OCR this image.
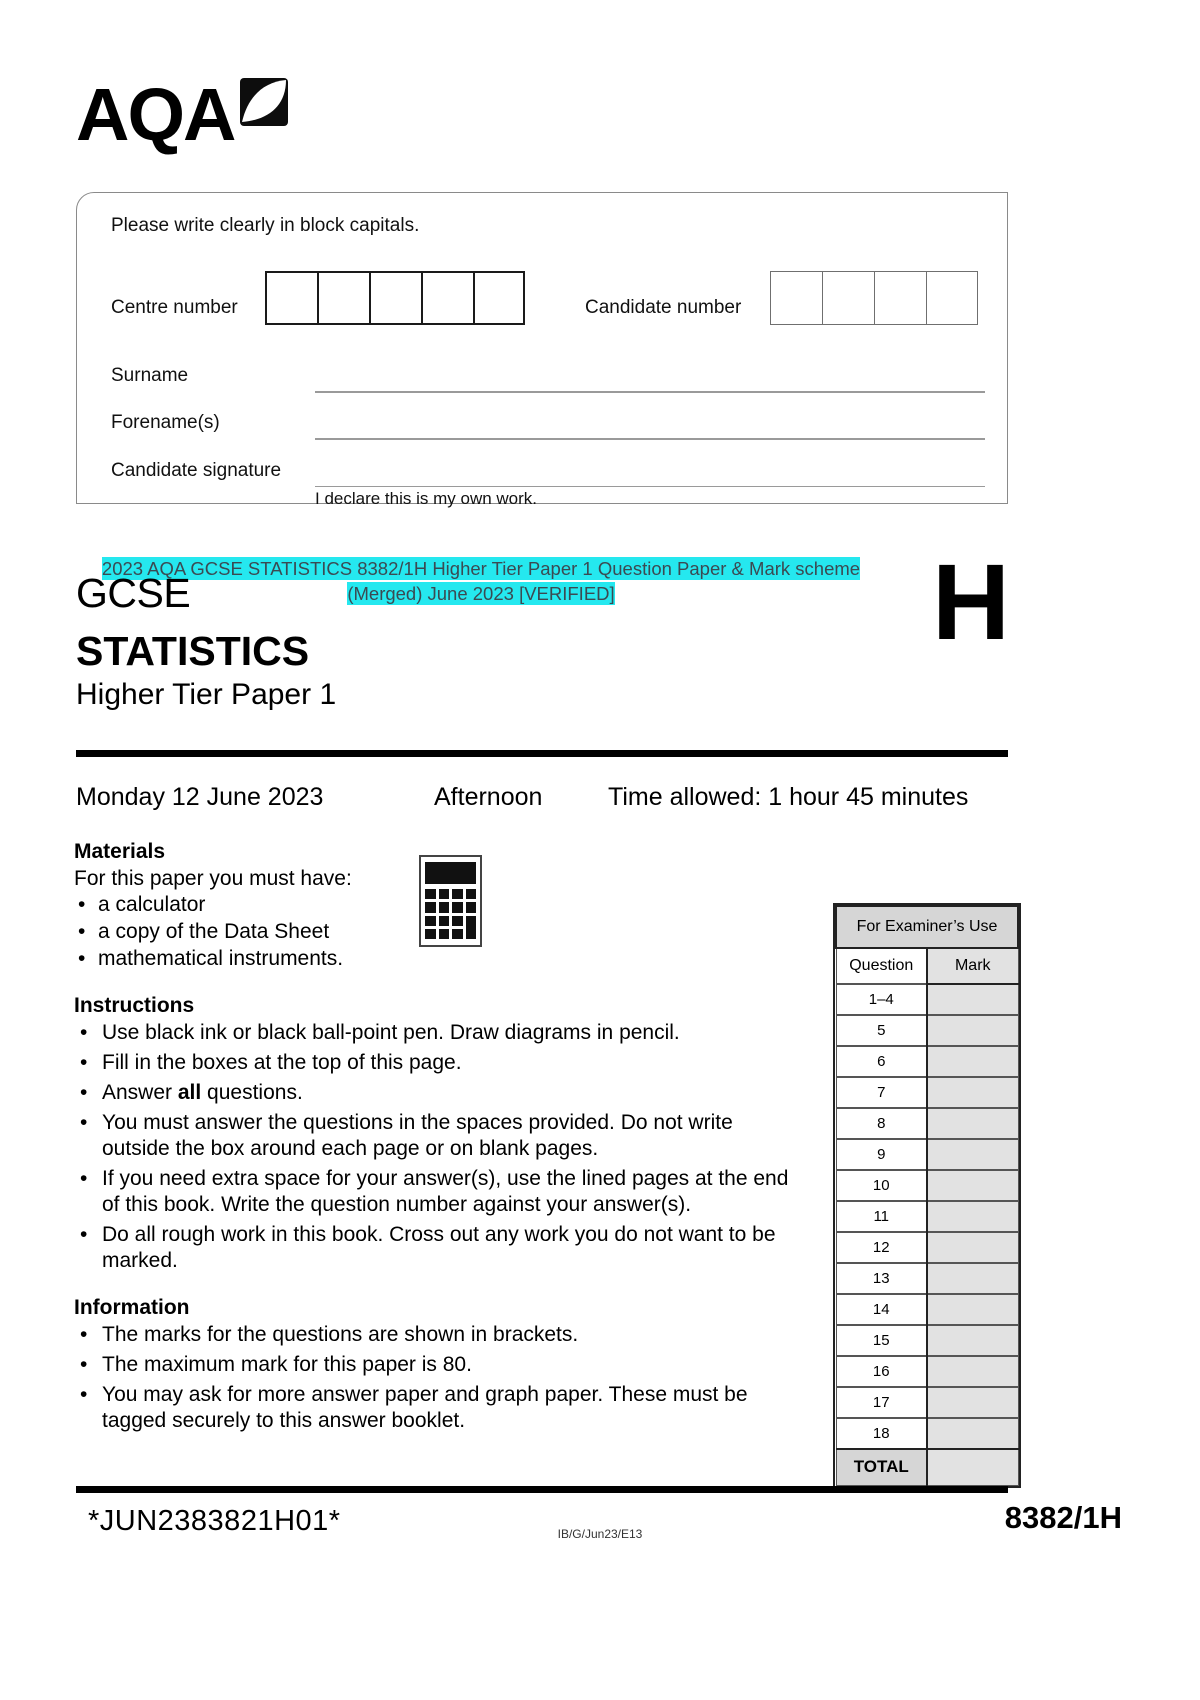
AQA
Please write clearly in block capitals.
Centre number	Candidate number
Surname
Forename(s)
Candidate signature
I declare this is my own work.
2023 AQA GCSE STATISTICS 8382/1H Higher Tier Paper 1 Question Paper & Mark scheme (Merged) June 2023 [VERIFIED]
GCSE
STATISTICS
Higher Tier Paper 1
H
Monday 12 June 2023	Afternoon	Time allowed: 1 hour 45 minutes
Materials

For this paper you must have:

• a calculator
• a copy of the Data Sheet
• mathematical instruments.
Instructions
• Use black ink or black ball-point pen. Draw diagrams in pencil.
• Fill in the boxes at the top of this page.
• Answer all questions.
• You must answer the questions in the spaces provided. Do not write outside the box around each page or on blank pages.
• If you need extra space for your answer(s), use the lined pages at the end of this book. Write the question number against your answer(s).
• Do all rough work in this book. Cross out any work you do not want to be marked.
Information
• The marks for the questions are shown in brackets.
• The maximum mark for this paper is 80.
• You may ask for more answer paper and graph paper. These must be tagged securely to this answer booklet.
For Examiner’s Use	
Question	Mark
1–4	
5	
6	
7	
8	
9	
10	
11	
12	
13	
14	
15	
16	
17	
18	
TOTAL	
*JUN2383821H01*	IB/G/Jun23/E13	8382/1H
